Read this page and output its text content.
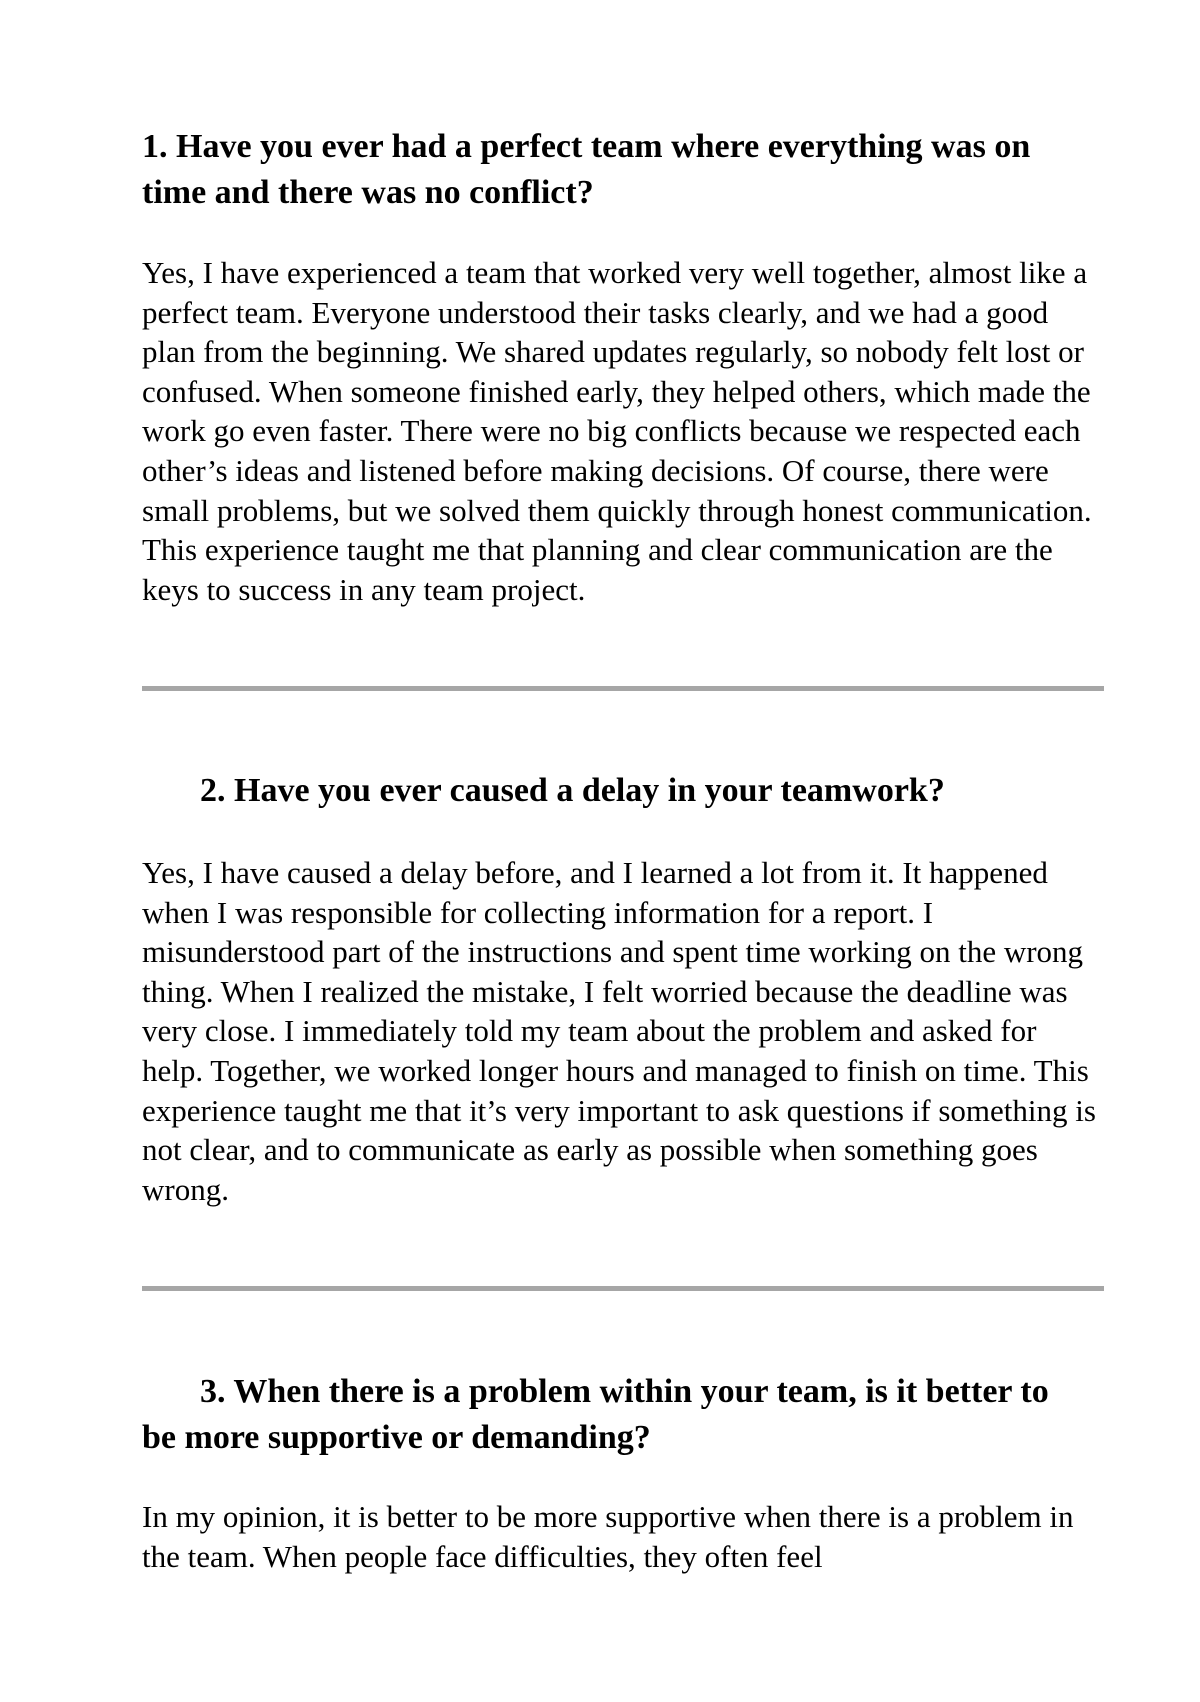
1. Have you ever had a perfect team where everything was on time and there was no conflict?

Yes, I have experienced a team that worked very well together, almost like a perfect team. Everyone understood their tasks clearly, and we had a good plan from the beginning. We shared updates regularly, so nobody felt lost or confused. When someone finished early, they helped others, which made the work go even faster. There were no big conflicts because we respected each other’s ideas and listened before making decisions. Of course, there were small problems, but we solved them quickly through honest communication. This experience taught me that planning and clear communication are the keys to success in any team project.

2. Have you ever caused a delay in your teamwork?

Yes, I have caused a delay before, and I learned a lot from it. It happened when I was responsible for collecting information for a report. I misunderstood part of the instructions and spent time working on the wrong thing. When I realized the mistake, I felt worried because the deadline was very close. I immediately told my team about the problem and asked for help. Together, we worked longer hours and managed to finish on time. This experience taught me that it’s very important to ask questions if something is not clear, and to communicate as early as possible when something goes wrong.

3. When there is a problem within your team, is it better to be more supportive or demanding?

In my opinion, it is better to be more supportive when there is a problem in the team. When people face difficulties, they often feel
